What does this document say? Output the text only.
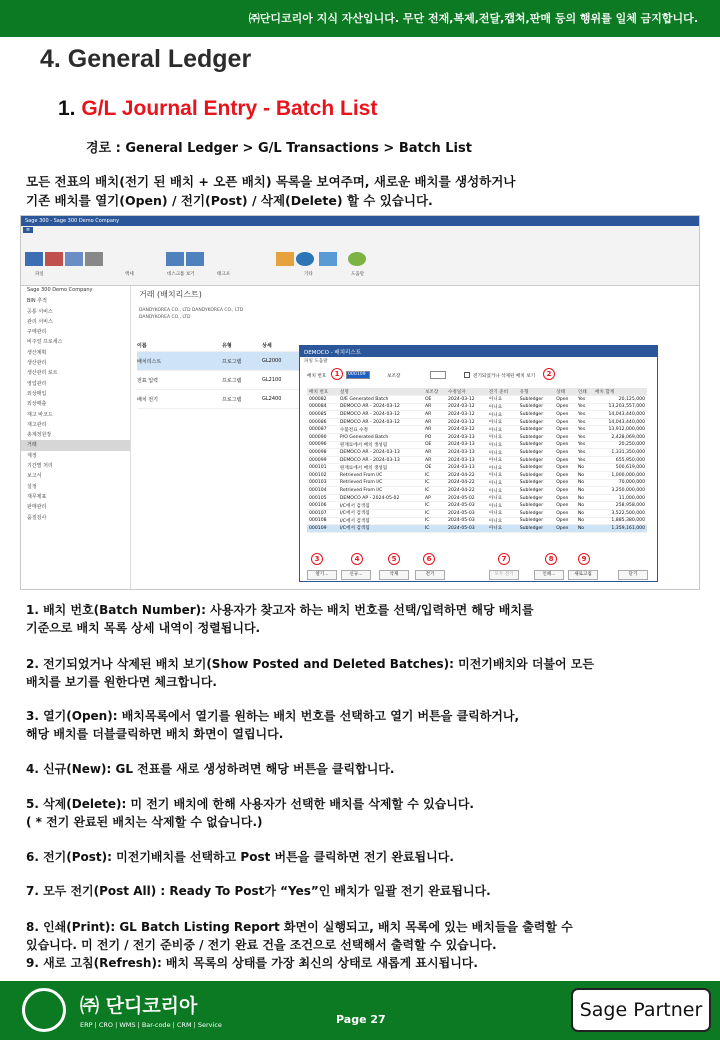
㈜단디코리아 지식 자산입니다. 무단 전재,복제,전달,캡쳐,판매 등의 행위를 일체 금지합니다.
4. General Ledger
1. G/L Journal Entry - Batch List
경로 : General Ledger > G/L Transactions > Batch List
모든 전표의 배치(전기 된 배치 + 오픈 배치) 목록을 보여주며, 새로운 배치를 생성하거나
기존 배치를 열기(Open) / 전기(Post) / 삭제(Delete) 할 수 있습니다.
Sage 300 - Sage 300 Demo Company
≡
파일	액세	데스크톱 보기	태크포	기타	도움말
Sage 300 Demo Company
BIN 추적
공통 서비스
관리 서비스
구매관리
비주얼 프로세스
생산계획
생산관리
생산관리 로트
영업관리
외상매입
외상매출
재고 바코드
재고관리
총계정원장
거래
계정
기간별 처리
보고서
설정
재무제표
판매관리
품질검사
거래 (배치리스트)
DANDYKOREA CO., LTD DANDYKOREA CO., LTD
DANDYKOREA CO., LTD
이름	유형	상세
배치리스트	프로그램	GL2000
전표 입력	프로그램	GL2100
배치 전기	프로그램	GL2400
DEMOCO - 배치리스트
파일 도움말
배치 번호	000109	보조장	전기되었거나 삭제된 배치 보기
배치 번호	설명	보조장	수정일자	전기 준비	유형	상태	인쇄	배치 합계
000082	O/E Generated Batch	OE	2024-03-12	아니요	Subledger	Open	Yes	20,125,000
000084	DEMOCO AR - 2024-03-12	AR	2024-03-12	아니요	Subledger	Open	Yes	13,203,557,000
000085	DEMOCO AR - 2024-03-12	AR	2024-03-12	아니요	Subledger	Open	Yes	14,043,440,000
000086	DEMOCO AR - 2024-03-12	AR	2024-03-12	아니요	Subledger	Open	Yes	14,043,440,000
000087	수불전표 수정	AR	2024-03-12	아니요	Subledger	Open	Yes	13,912,000,000
000090	P/O Generated Batch	PO	2024-03-13	아니요	Subledger	Open	Yes	2,428,069,000
000096	원재료에서 배치 생성됨	OE	2024-03-13	아니요	Subledger	Open	Yes	20,250,000
000098	DEMOCO AR - 2024-03-13	AR	2024-03-13	아니요	Subledger	Open	Yes	1,331,350,000
000099	DEMOCO AR - 2024-03-13	AR	2024-03-13	아니요	Subledger	Open	Yes	655,950,000
000101	원재료에서 배치 생성됨	OE	2024-03-13	아니요	Subledger	Open	No	500,619,000
000102	Retrieved From I/C	IC	2024-04-22	아니요	Subledger	Open	No	1,000,000,000
000103	Retrieved From I/C	IC	2024-04-22	아니요	Subledger	Open	No	70,000,000
000104	Retrieved From I/C	IC	2024-04-22	아니요	Subledger	Open	No	3,250,000,000
000105	DEMOCO AP - 2024-05-02	AP	2024-05-02	아니요	Subledger	Open	No	11,000,000
000106	I/C에서 검색됨	IC	2024-05-03	아니요	Subledger	Open	No	258,958,000
000107	I/C에서 검색됨	IC	2024-05-03	아니요	Subledger	Open	No	3,522,500,000
000108	I/C에서 검색됨	IC	2024-05-03	아니요	Subledger	Open	No	1,885,380,000
000109	I/C에서 검색됨	IC	2024-05-03	아니요	Subledger	Open	No	1,359,161,000
열기...	신규...	삭제	전기	모두 전기	인쇄...	새로고침	닫기
1	2
3	4	5	6	7	8	9
1. 배치 번호(Batch Number): 사용자가 찾고자 하는 배치 번호를 선택/입력하면 해당 배치를
기준으로 배치 목록 상세 내역이 정렬됩니다.
2. 전기되었거나 삭제된 배치 보기(Show Posted and Deleted Batches): 미전기배치와 더불어 모든
배치를 보기를 원한다면 체크합니다.
3. 열기(Open): 배치목록에서 열기를 원하는 배치 번호를 선택하고 열기 버튼을 클릭하거나,
해당 배치를 더블클릭하면 배치 화면이 열립니다.
4. 신규(New): GL 전표를 새로 생성하려면 해당 버튼을 클릭합니다.
5. 삭제(Delete): 미 전기 배치에 한해 사용자가 선택한 배치를 삭제할 수 있습니다.
( * 전기 완료된 배치는 삭제할 수 없습니다.)
6. 전기(Post): 미전기배치를 선택하고 Post 버튼을 클릭하면 전기 완료됩니다.
7. 모두 전기(Post All) : Ready To Post가 “Yes”인 배치가 일괄 전기 완료됩니다.
8. 인쇄(Print): GL Batch Listing Report 화면이 실행되고, 배치 목록에 있는 배치들을 출력할 수
있습니다. 미 전기 / 전기 준비중 / 전기 완료 건을 조건으로 선택해서 출력할 수 있습니다.
9. 새로 고침(Refresh): 배치 목록의 상태를 가장 최신의 상태로 새롭게 표시됩니다.
㈜ 단디코리아
ERP | CRO | WMS | Bar-code | CRM | Service	Page 27	Sage Partner
